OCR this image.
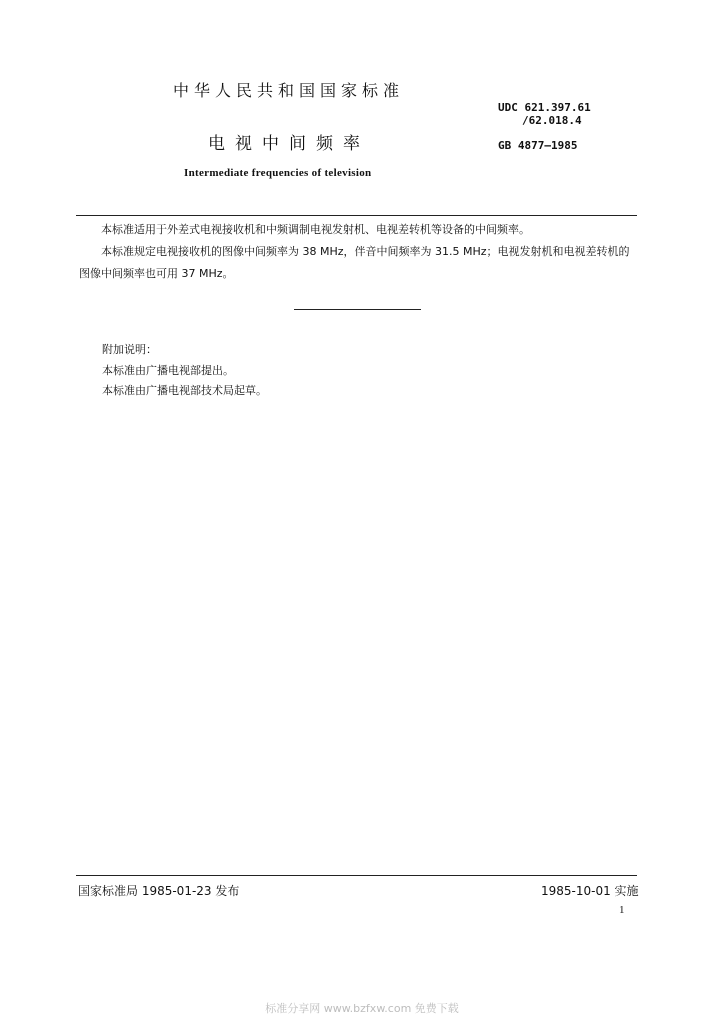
中华人民共和国国家标准
UDC 621.397.61
/62.018.4
电视中间频率	GB 4877—1985
Intermediate frequencies of television
本标准适用于外差式电视接收机和中频调制电视发射机、电视差转机等设备的中间频率。
本标准规定电视接收机的图像中间频率为 38 MHz，伴音中间频率为 31.5 MHz；电视发射机和电视差转机的图像中间频率也可用 37 MHz。
附加说明：
本标准由广播电视部提出。
本标准由广播电视部技术局起草。
国家标准局 1985-01-23 发布	1985-10-01 实施
1
标准分享网 www.bzfxw.com 免费下载
